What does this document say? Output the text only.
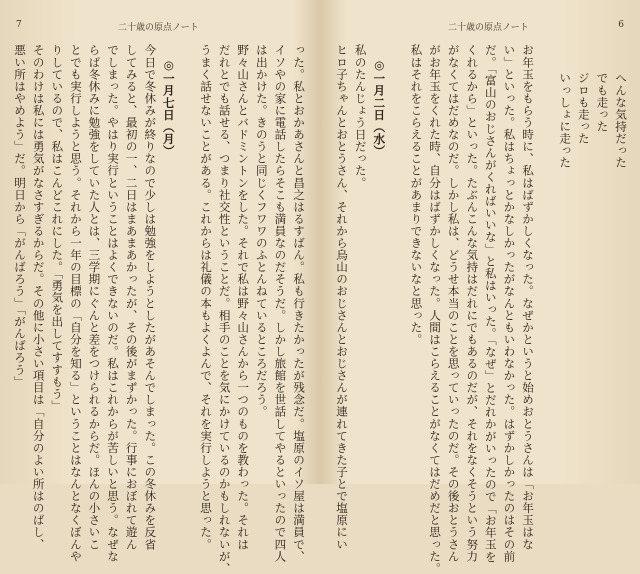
7	二十歳の原点ノート
った。私とおかあさんと昌之はるすばん。私も行きたかったが残念だ。塩原のイソ屋は満員で、
イソやの家に電話したらそこも満員なのだそうだ。しかし旅館を世話してやるといったので四人
は出かけた。きのうと同じくフワワのふとんねているところだろう。
野々山さんとバドミントンをした。それで私は野々山さんから一つのものを教わった。それは
だれとでも話せる、つまり社交性ということだ。相手のことを気にかけているのかもしれないが、
うまく話せないことがある。これからは礼儀の本もよくよんで、それを実行しようと思った。
◎一月七日（月）
今日で冬休みが終りなので少しは勉強をしようとしたがあそんでしまった。この冬休みを反省
してみると、最初の一、二日はまあまあかったが、その後がまずかった。行事におぼれて遊ん
でしまった。やはり実行ということはよくできないのだ。私はこれからが苦しいと思う。なぜな
らば冬休みに勉強をしていた人とは、三学期にぐんと差をつけられるからだ。ほんの小さいこ
とでも実行しようと思う。それから一年の目標の「自分を知る」ということはなんとなくぼんや
りしているので、私はこんどこれにした。「勇気を出してすすもう」
そのわけは私には勇気がなさすぎるからだ。その他に小さい項目は「自分のよい所はのばし、
悪い所はやめよう」だ。明日から「がんばろう」「がんばろう」
6
二十歳の原点ノート
へんな気持だった
でも走った
ジロも走った
いっしょに走った
お年玉をもらう時に、私はばずかしくなった。なぜかというと始めおとうさんは「お年玉はな
い」といった。私はちょっとかなしかったがなんともいわなかった。はずかしかったのはその前
だ。「富山のおじさんがくればいいな」と私はいった。「なぜ」とだれかがいったので「お年玉を
くれるから」といった。たぶんこんな気持はだれにでもあるのだが、それをなくそうという努力
がなくてはだめなのだ。しかし私は、どうせ本当のことを思っていったのだ。その後おとうさん
がお年玉をくれた時、自分はばずかしくなった。人間はこらえることがなくてはだめだと思った。
私はそれをこらえることがあまりできないなと思った。
◎一月二日（水）
私のたんじょう日だった。
ヒロ子ちゃんとおとうさん、それから烏山のおじさんとおじさんが連れてきた子とで塩原にい
